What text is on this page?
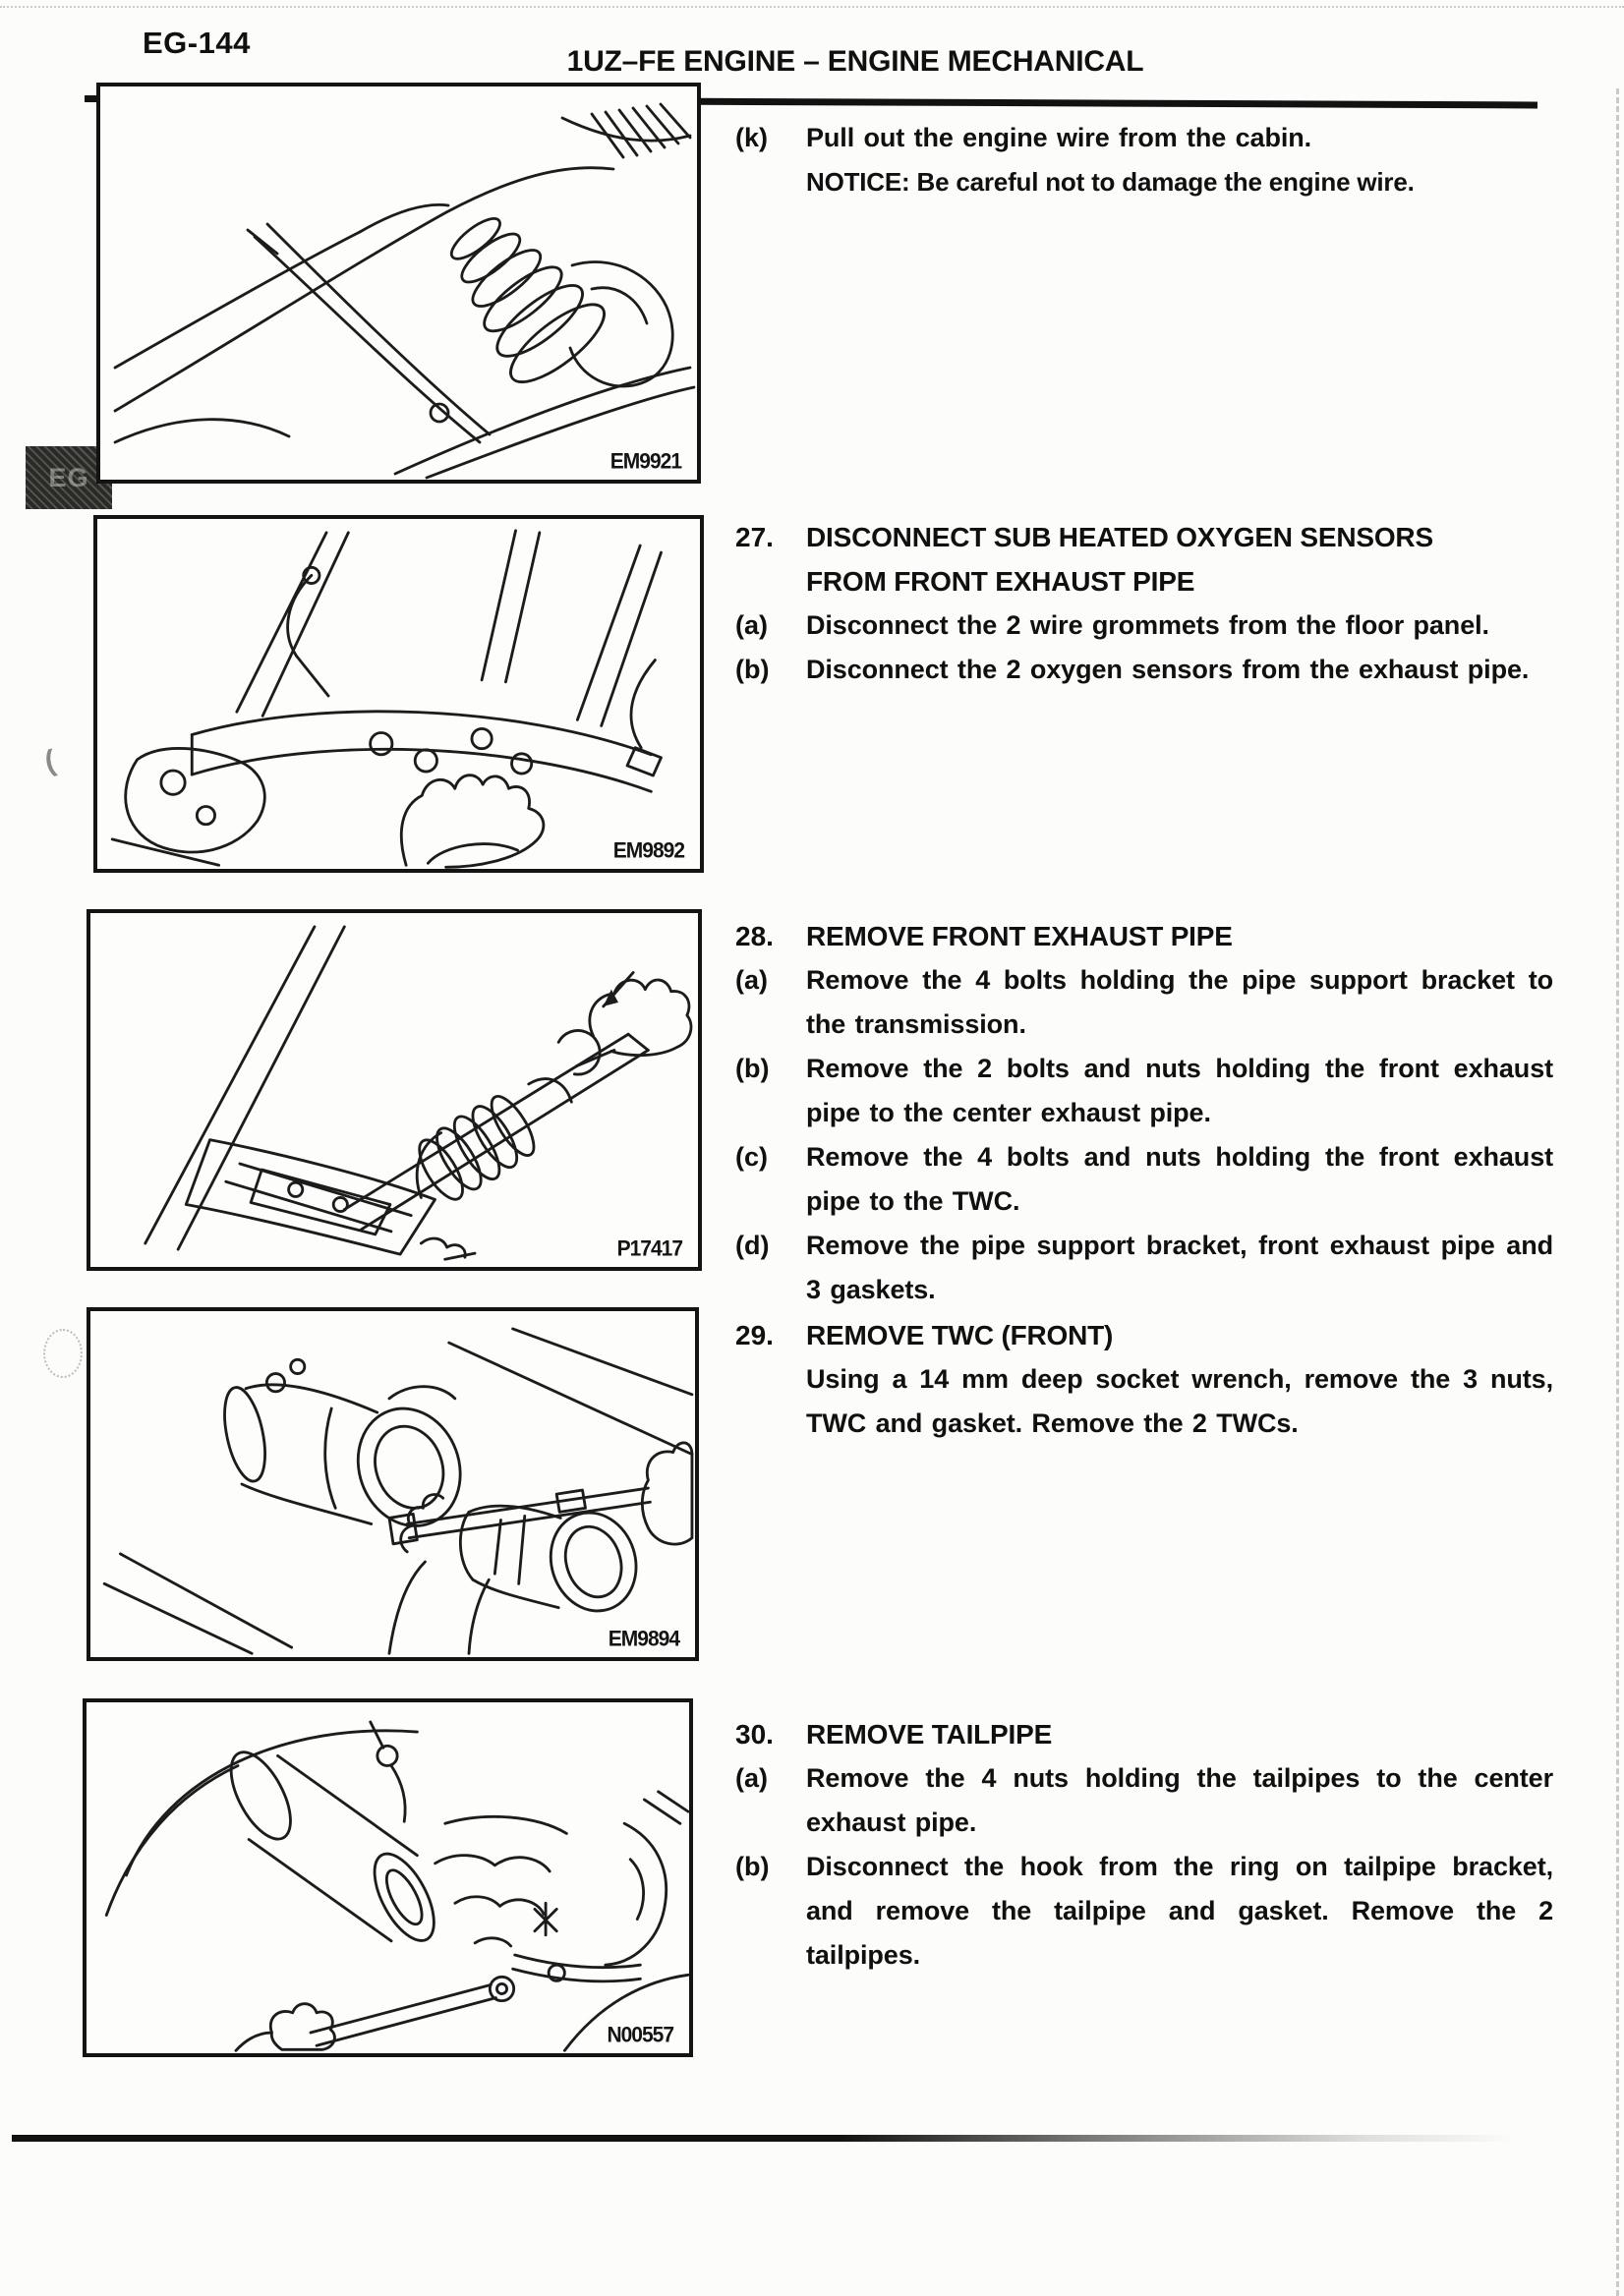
(
EG-144
1UZ–FE ENGINE – ENGINE MECHANICAL
EG
EM9921
(k) Pull out the engine wire from the cabin.

NOTICE: Be careful not to damage the engine wire.

EM9892
27. DISCONNECT SUB HEATED OXYGEN SENSORS
FROM FRONT EXHAUST PIPE
(a) Disconnect the 2 wire grommets from the floor panel.

(b) Disconnect the 2 oxygen sensors from the exhaust pipe.

P17417
28. REMOVE FRONT EXHAUST PIPE
(a) Remove the 4 bolts holding the pipe support bracket to the transmission.

(b) Remove the 2 bolts and nuts holding the front exhaust pipe to the center exhaust pipe.

(c) Remove the 4 bolts and nuts holding the front exhaust pipe to the TWC.

(d) Remove the pipe support bracket, front exhaust pipe and 3 gaskets.

EM9894
29. REMOVE TWC (FRONT)

Using a 14 mm deep socket wrench, remove the 3 nuts, TWC and gasket. Remove the 2 TWCs.

N00557
30. REMOVE TAILPIPE
(a) Remove the 4 nuts holding the tailpipes to the center exhaust pipe.

(b) Disconnect the hook from the ring on tailpipe bracket, and remove the tailpipe and gasket. Remove the 2 tailpipes.
